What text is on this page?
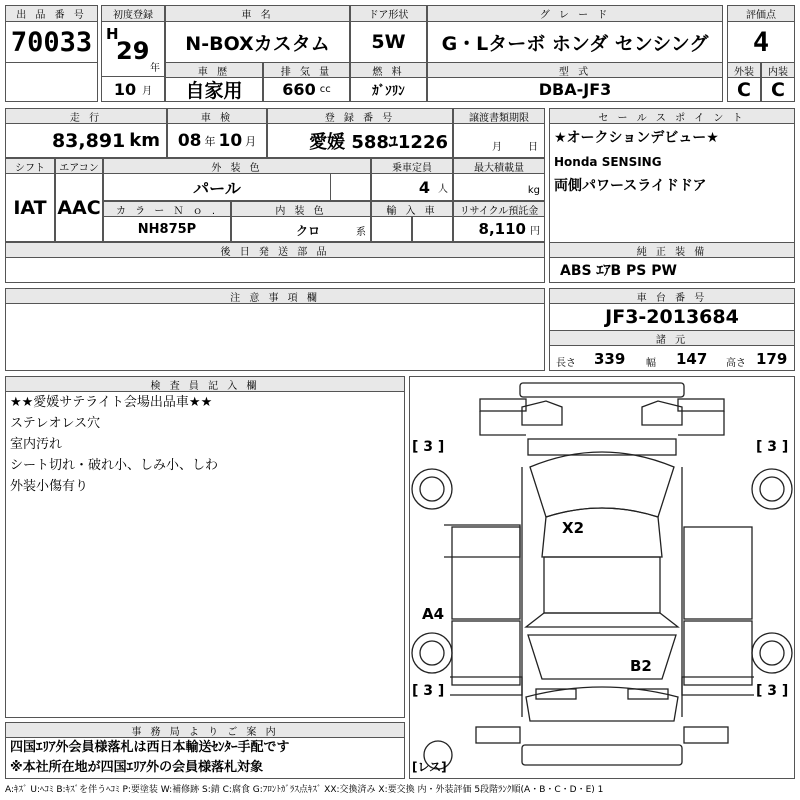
出 品 番 号
70033
初度登録
H
29
年
10 月
車 名
N-BOXカスタム
ドア形状
5W
グ レ ー ド
G・Lターボ ホンダ センシング
評価点
4
車 歴
自家用
排 気 量
660 cc
燃 料
ｶﾞｿﾘﾝ
型 式
DBA-JF3
外装	内装
C	C
走 行
83,891 km
車 検
08 年 10 月
登 録 番 号
愛媛 588ﾕ1226
譲渡書類期限
月	日
セ ー ル ス ポ イ ン ト
★オークションデビュー★
Honda SENSING
両側パワースライドドア
シフト
IAT
エアコン
AAC
外 装 色
パール
乗車定員
4 人
最大積載量
kg
カ ラ ー Ｎ ｏ .
NH875P
内 装 色
クロ	系
輸 入 車	リサイクル預託金
8,110 円
後 日 発 送 部 品	純 正 装 備
ABS ｴｱB PS PW
注 意 事 項 欄	車 台 番 号
JF3-2013684
諸 元
長さ 339 幅 147 高さ 179
検 査 員 記 入 欄
★★愛媛サテライト会場出品車★★
ステレオレス穴
室内汚れ
シート切れ・破れ小、しみ小、しわ
外装小傷有り
事 務 局 よ り ご 案 内
四国ｴﾘｱ外会員様落札は西日本輸送ｾﾝﾀｰ手配です
※本社所在地が四国ｴﾘｱ外の会員様落札対象
[ 3 ]	[ 3 ]
[ 3 ]	[ 3 ]
X2
A4
B2
[レス]
A:ｷｽﾞ U:ﾍｺﾐ B:ｷｽﾞを伴うﾍｺﾐ P:要塗装 W:補修跡 S:錆 C:腐食 G:ﾌﾛﾝﾄｶﾞﾗｽ点ｷｽﾞ XX:交換済み X:要交換 内・外装評価 5段階ﾗﾝｸ順(A・B・C・D・E) 1
